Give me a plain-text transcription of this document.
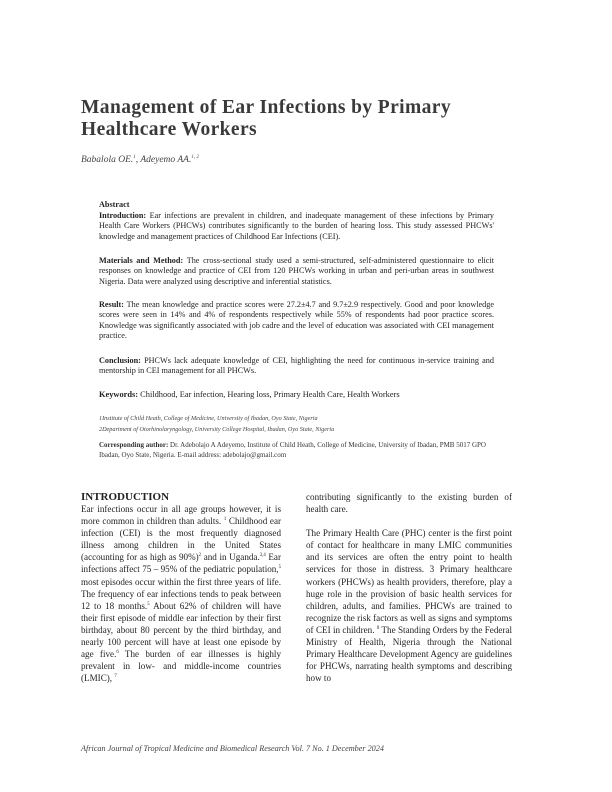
Management of Ear Infections by Primary Healthcare Workers
Babalola OE.$^1$, Adeyemo AA.$^{1, 2}$
Abstract
Introduction: Ear infections are prevalent in children, and inadequate management of these infections by Primary Health Care Workers (PHCWs) contributes significantly to the burden of hearing loss. This study assessed PHCWs' knowledge and management practices of Childhood Ear Infections (CEI).
Materials and Method: The cross-sectional study used a semi-structured, self-administered questionnaire to elicit responses on knowledge and practice of CEI from 120 PHCWs working in urban and peri-urban areas in southwest Nigeria. Data were analyzed using descriptive and inferential statistics.
Result: The mean knowledge and practice scores were 27.2±4.7 and 9.7±2.9 respectively. Good and poor knowledge scores were seen in 14% and 4% of respondents respectively while 55% of respondents had poor practice scores. Knowledge was significantly associated with job cadre and the level of education was associated with CEI management practice.
Conclusion: PHCWs lack adequate knowledge of CEI, highlighting the need for continuous in-service training and mentorship in CEI management for all PHCWs.
Keywords: Childhood, Ear infection, Hearing loss, Primary Health Care, Health Workers
1Institute of Child Heath, College of Medicine, University of Ibadan, Oyo State, Nigeria
2Department of Otorhinolaryngology, University College Hospital, Ibadan, Oyo State, Nigeria
Corresponding author: Dr. Adebolajo A Adeyemo, Institute of Child Heath, College of Medicine, University of Ibadan, PMB 5017 GPO Ibadan, Oyo State, Nigeria. E-mail address: adebolajo@gmail.com
INTRODUCTION
Ear infections occur in all age groups however, it is more common in children than adults. $^1$ Childhood ear infection (CEI) is the most frequently diagnosed illness among children in the United States (accounting for as high as 90%)$^2$ and in Uganda.$^{3,4}$ Ear infections affect 75 – 95% of the pediatric population,$^5$ most episodes occur within the first three years of life. The frequency of ear infections tends to peak between 12 to 18 months.$^5$ About 62% of children will have their first episode of middle ear infection by their first birthday, about 80 percent by the third birthday, and nearly 100 percent will have at least one episode by age five.$^6$ The burden of ear illnesses is highly prevalent in low- and middle-income countries (LMIC), $^7$
contributing significantly to the existing burden of health care.
The Primary Health Care (PHC) center is the first point of contact for healthcare in many LMIC communities and its services are often the entry point to health services for those in distress. 3 Primary healthcare workers (PHCWs) as health providers, therefore, play a huge role in the provision of basic health services for children, adults, and families. PHCWs are trained to recognize the risk factors as well as signs and symptoms of CEI in children. $^8$ The Standing Orders by the Federal Ministry of Health, Nigeria through the National Primary Healthcare Development Agency are guidelines for PHCWs, narrating health symptoms and describing how to
African Journal of Tropical Medicine and Biomedical Research Vol. 7 No. 1 December 2024
